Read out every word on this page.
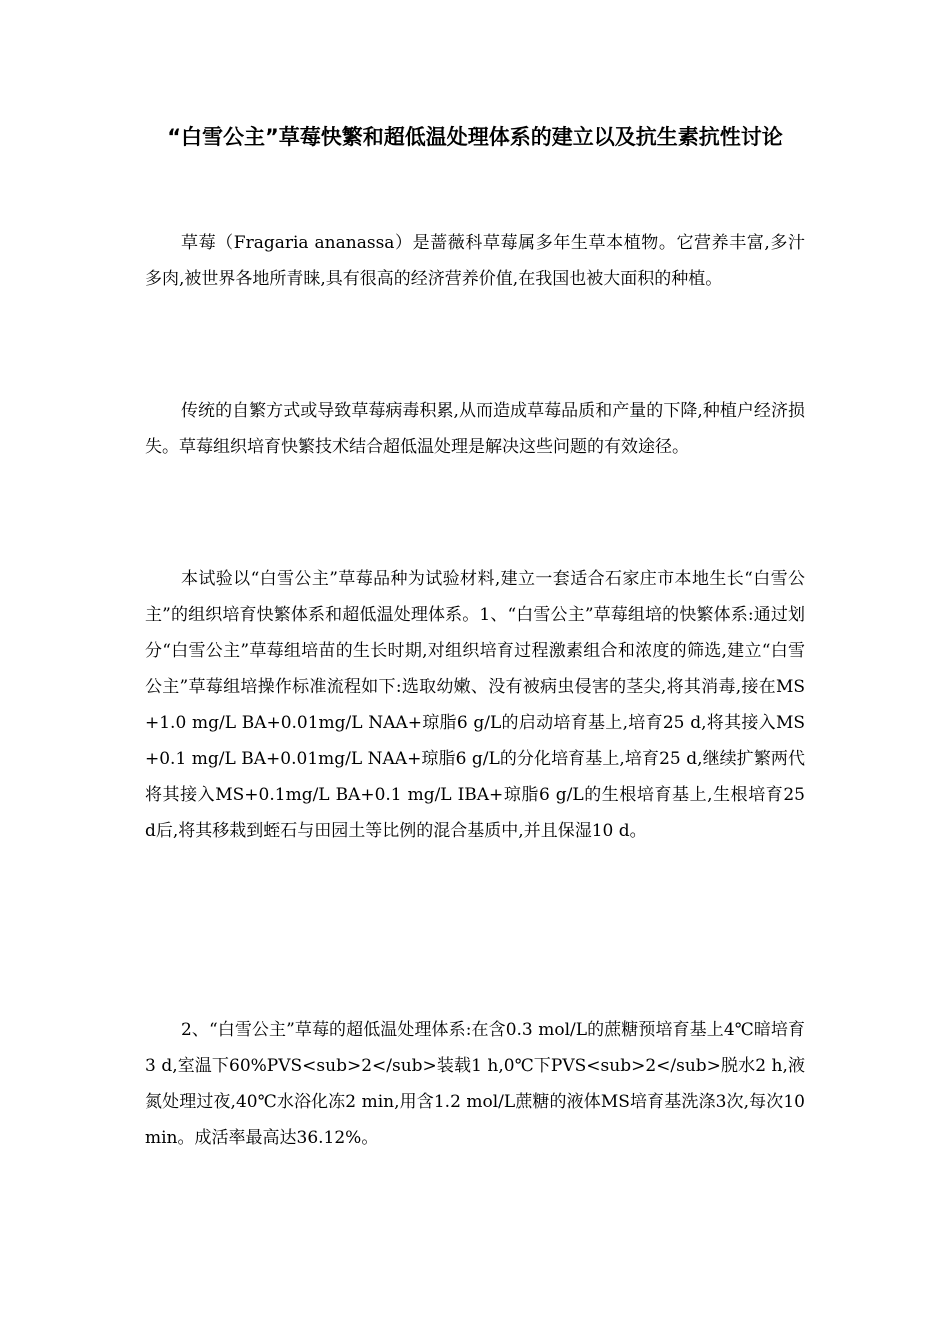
“白雪公主”草莓快繁和超低温处理体系的建立以及抗生素抗性讨论

草莓（Fragaria ananassa）是蔷薇科草莓属多年生草本植物。它营养丰富,多汁多肉,被世界各地所青睐,具有很高的经济营养价值,在我国也被大面积的种植。

传统的自繁方式或导致草莓病毒积累,从而造成草莓品质和产量的下降,种植户经济损失。草莓组织培育快繁技术结合超低温处理是解决这些问题的有效途径。

本试验以“白雪公主”草莓品种为试验材料,建立一套适合石家庄市本地生长“白雪公主”的组织培育快繁体系和超低温处理体系。1、“白雪公主”草莓组培的快繁体系:通过划分“白雪公主”草莓组培苗的生长时期,对组织培育过程激素组合和浓度的筛选,建立“白雪公主”草莓组培操作标准流程如下:选取幼嫩、没有被病虫侵害的茎尖,将其消毒,接在MS+1.0 mg/L BA+0.01mg/L NAA+琼脂6 g/L的启动培育基上,培育25 d,将其接入MS+0.1 mg/L BA+0.01mg/L NAA+琼脂6 g/L的分化培育基上,培育25 d,继续扩繁两代将其接入MS+0.1mg/L BA+0.1 mg/L IBA+琼脂6 g/L的生根培育基上,生根培育25 d后,将其移栽到蛭石与田园土等比例的混合基质中,并且保湿10 d。

2、“白雪公主”草莓的超低温处理体系:在含0.3 mol/L的蔗糖预培育基上4℃暗培育3 d,室温下60%PVS<sub>2</sub>装载1 h,0℃下PVS<sub>2</sub>脱水2 h,液氮处理过夜,40℃水浴化冻2 min,用含1.2 mol/L蔗糖的液体MS培育基洗涤3次,每次10 min。成活率最高达36.12%。
